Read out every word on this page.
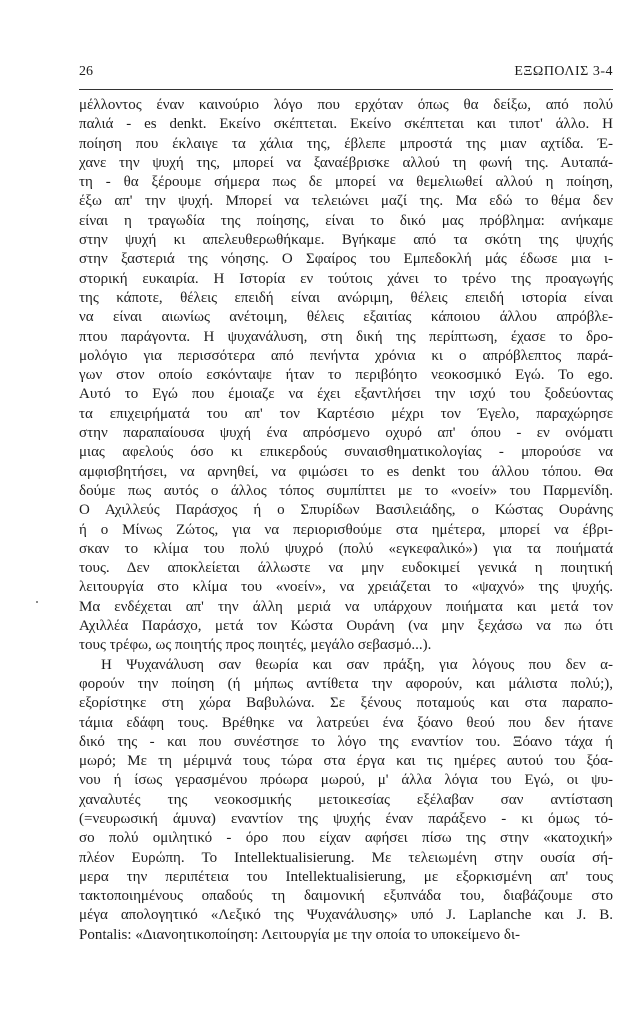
26	ΕΞΩΠΟΛΙΣ 3-4

μέλλοντος έναν καινούριο λόγο που ερχόταν όπως θα δείξω, από πολύ
παλιά - es denkt. Εκείνο σκέπτεται. Εκείνο σκέπτεται και τιποτ' άλλο. Η
ποίηση που έκλαιγε τα χάλια της, έβλεπε μπροστά της μιαν αχτίδα. Έ-
χανε την ψυχή της, μπορεί να ξαναέβρισκε αλλού τη φωνή της. Αυταπά-
τη - θα ξέρουμε σήμερα πως δε μπορεί να θεμελιωθεί αλλού η ποίηση,
έξω απ' την ψυχή. Μπορεί να τελειώνει μαζί της. Μα εδώ το θέμα δεν
είναι η τραγωδία της ποίησης, είναι το δικό μας πρόβλημα: ανήκαμε
στην ψυχή κι απελευθερωθήκαμε. Βγήκαμε από τα σκότη της ψυχής
στην ξαστεριά της νόησης. Ο Σφαίρος του Εμπεδοκλή μάς έδωσε μια ι-
στορική ευκαιρία. Η Ιστορία εν τούτοις χάνει το τρένο της προαγωγής
της κάποτε, θέλεις επειδή είναι ανώριμη, θέλεις επειδή ιστορία είναι
να είναι αιωνίως ανέτοιμη, θέλεις εξαιτίας κάποιου άλλου απρόβλε-
πτου παράγοντα. Η ψυχανάλυση, στη δική της περίπτωση, έχασε το δρο-
μολόγιο για περισσότερα από πενήντα χρόνια κι ο απρόβλεπτος παρά-
γων στον οποίο εσκόνταψε ήταν το περιβόητο νεοκοσμικό Εγώ. Το ego.
Αυτό το Εγώ που έμοιαζε να έχει εξαντλήσει την ισχύ του ξοδεύοντας
τα επιχειρήματά του απ' τον Καρτέσιο μέχρι τον Έγελο, παραχώρησε
στην παραπαίουσα ψυχή ένα απρόσμενο οχυρό απ' όπου - εν ονόματι
μιας αφελούς όσο κι επικερδούς συναισθηματικολογίας - μπορούσε να
αμφισβητήσει, να αρνηθεί, να φιμώσει το es denkt του άλλου τόπου. Θα
δούμε πως αυτός ο άλλος τόπος συμπίπτει με το «νοείν» του Παρμενίδη.
Ο Αχιλλεύς Παράσχος ή ο Σπυρίδων Βασιλειάδης, ο Κώστας Ουράνης
ή ο Μίνως Ζώτος, για να περιορισθούμε στα ημέτερα, μπορεί να έβρι-
σκαν το κλίμα του πολύ ψυχρό (πολύ «εγκεφαλικό») για τα ποιήματά
τους. Δεν αποκλείεται άλλωστε να μην ευδοκιμεί γενικά η ποιητική
λειτουργία στο κλίμα του «νοείν», να χρειάζεται το «ψαχνό» της ψυχής.
Μα ενδέχεται απ' την άλλη μεριά να υπάρχουν ποιήματα και μετά τον
Αχιλλέα Παράσχο, μετά τον Κώστα Ουράνη (να μην ξεχάσω να πω ότι
τους τρέφω, ως ποιητής προς ποιητές, μεγάλο σεβασμό...).

Η Ψυχανάλυση σαν θεωρία και σαν πράξη, για λόγους που δεν α-
φορούν την ποίηση (ή μήπως αντίθετα την αφορούν, και μάλιστα πολύ;),
εξορίστηκε στη χώρα Βαβυλώνα. Σε ξένους ποταμούς και στα παραπο-
τάμια εδάφη τους. Βρέθηκε να λατρεύει ένα ξόανο θεού που δεν ήτανε
δικό της - και που συνέστησε το λόγο της εναντίον του. Ξόανο τάχα ή
μωρό; Με τη μέριμνά τους τώρα στα έργα και τις ημέρες αυτού του ξόα-
νου ή ίσως γερασμένου πρόωρα μωρού, μ' άλλα λόγια του Εγώ, οι ψυ-
χαναλυτές της νεοκοσμικής μετοικεσίας εξέλαβαν σαν αντίσταση
(=νευρωσική άμυνα) εναντίον της ψυχής έναν παράξενο - κι όμως τό-
σο πολύ ομιλητικό - όρο που είχαν αφήσει πίσω της στην «κατοχική»
πλέον Ευρώπη. Το Intellektualisierung. Με τελειωμένη στην ουσία σή-
μερα την περιπέτεια του Intellektualisierung, με εξορκισμένη απ' τους
τακτοποιημένους οπαδούς τη δαιμονική εξυπνάδα του, διαβάζουμε στο
μέγα απολογητικό «Λεξικό της Ψυχανάλυσης» υπό J. Laplanche και J. B.
Pontalis: «Διανοητικοποίηση: Λειτουργία με την οποία το υποκείμενο δι-
